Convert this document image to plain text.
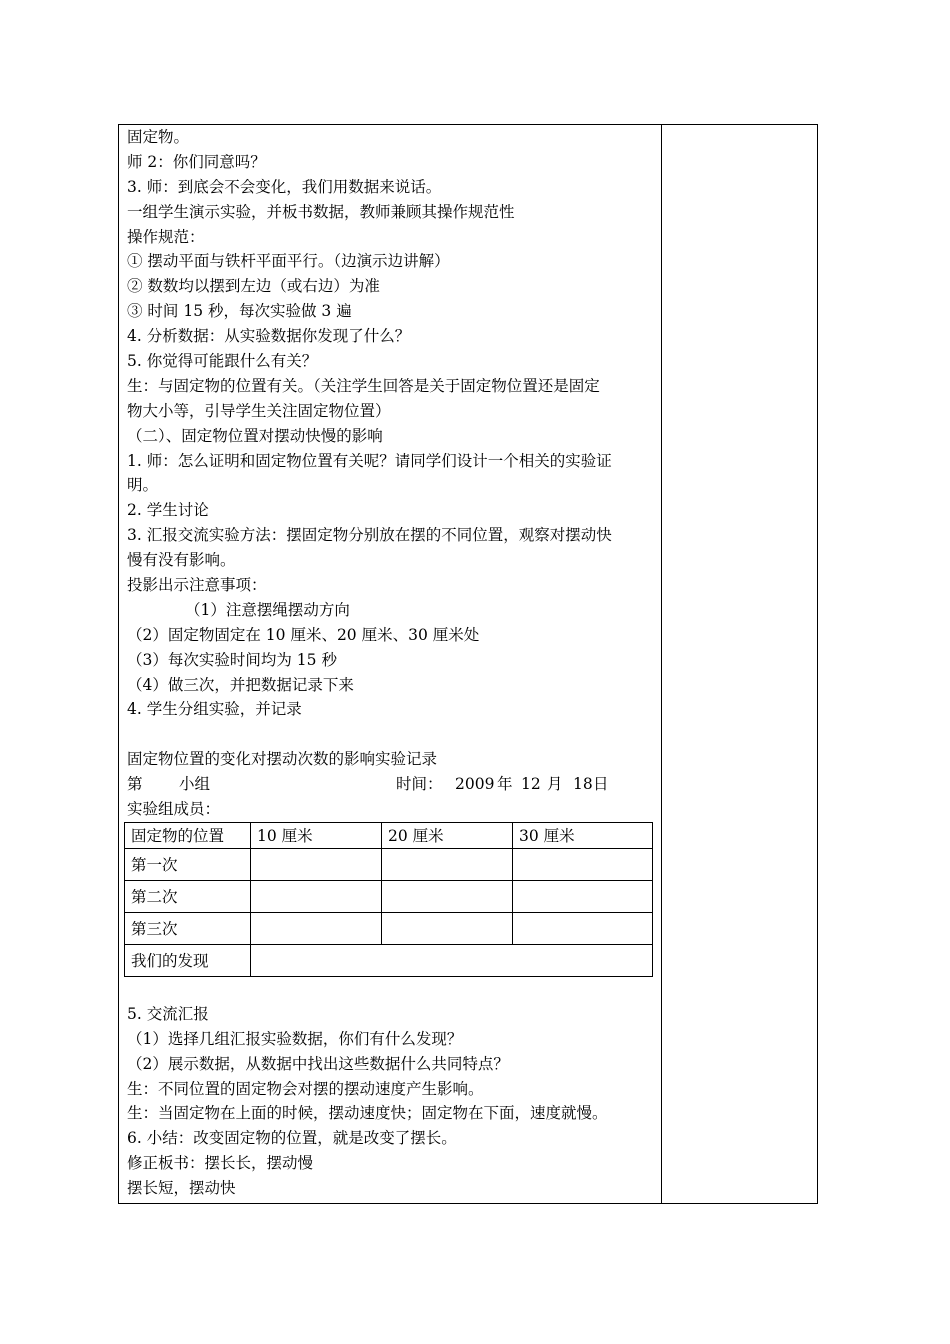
固定物。
师 2：你们同意吗？
3. 师：到底会不会变化，我们用数据来说话。
一组学生演示实验，并板书数据，教师兼顾其操作规范性
操作规范：
① 摆动平面与铁杆平面平行。（边演示边讲解）
② 数数均以摆到左边（或右边）为准
③ 时间 15 秒，每次实验做 3 遍
4. 分析数据：从实验数据你发现了什么？
5. 你觉得可能跟什么有关？
生：与固定物的位置有关。（关注学生回答是关于固定物位置还是固定
物大小等，引导学生关注固定物位置）
（二）、固定物位置对摆动快慢的影响
1. 师：怎么证明和固定物位置有关呢？请同学们设计一个相关的实验证
明。
2. 学生讨论
3. 汇报交流实验方法：摆固定物分别放在摆的不同位置，观察对摆动快
慢有没有影响。
投影出示注意事项：
（1）注意摆绳摆动方向
（2）固定物固定在 10 厘米、20 厘米、30 厘米处
（3）每次实验时间均为 15 秒
（4）做三次，并把数据记录下来
4. 学生分组实验，并记录
固定物位置的变化对摆动次数的影响实验记录
第 小组	时间： 2009 年 12 月 18 日
实验组成员：
固定物的位置	10 厘米	20 厘米	30 厘米
第一次			
第二次			
第三次			
我们的发现			
5. 交流汇报
（1）选择几组汇报实验数据，你们有什么发现？
（2）展示数据，从数据中找出这些数据什么共同特点？
生：不同位置的固定物会对摆的摆动速度产生影响。
生：当固定物在上面的时候，摆动速度快；固定物在下面，速度就慢。
6. 小结：改变固定物的位置，就是改变了摆长。
修正板书：摆长长，摆动慢
摆长短，摆动快
